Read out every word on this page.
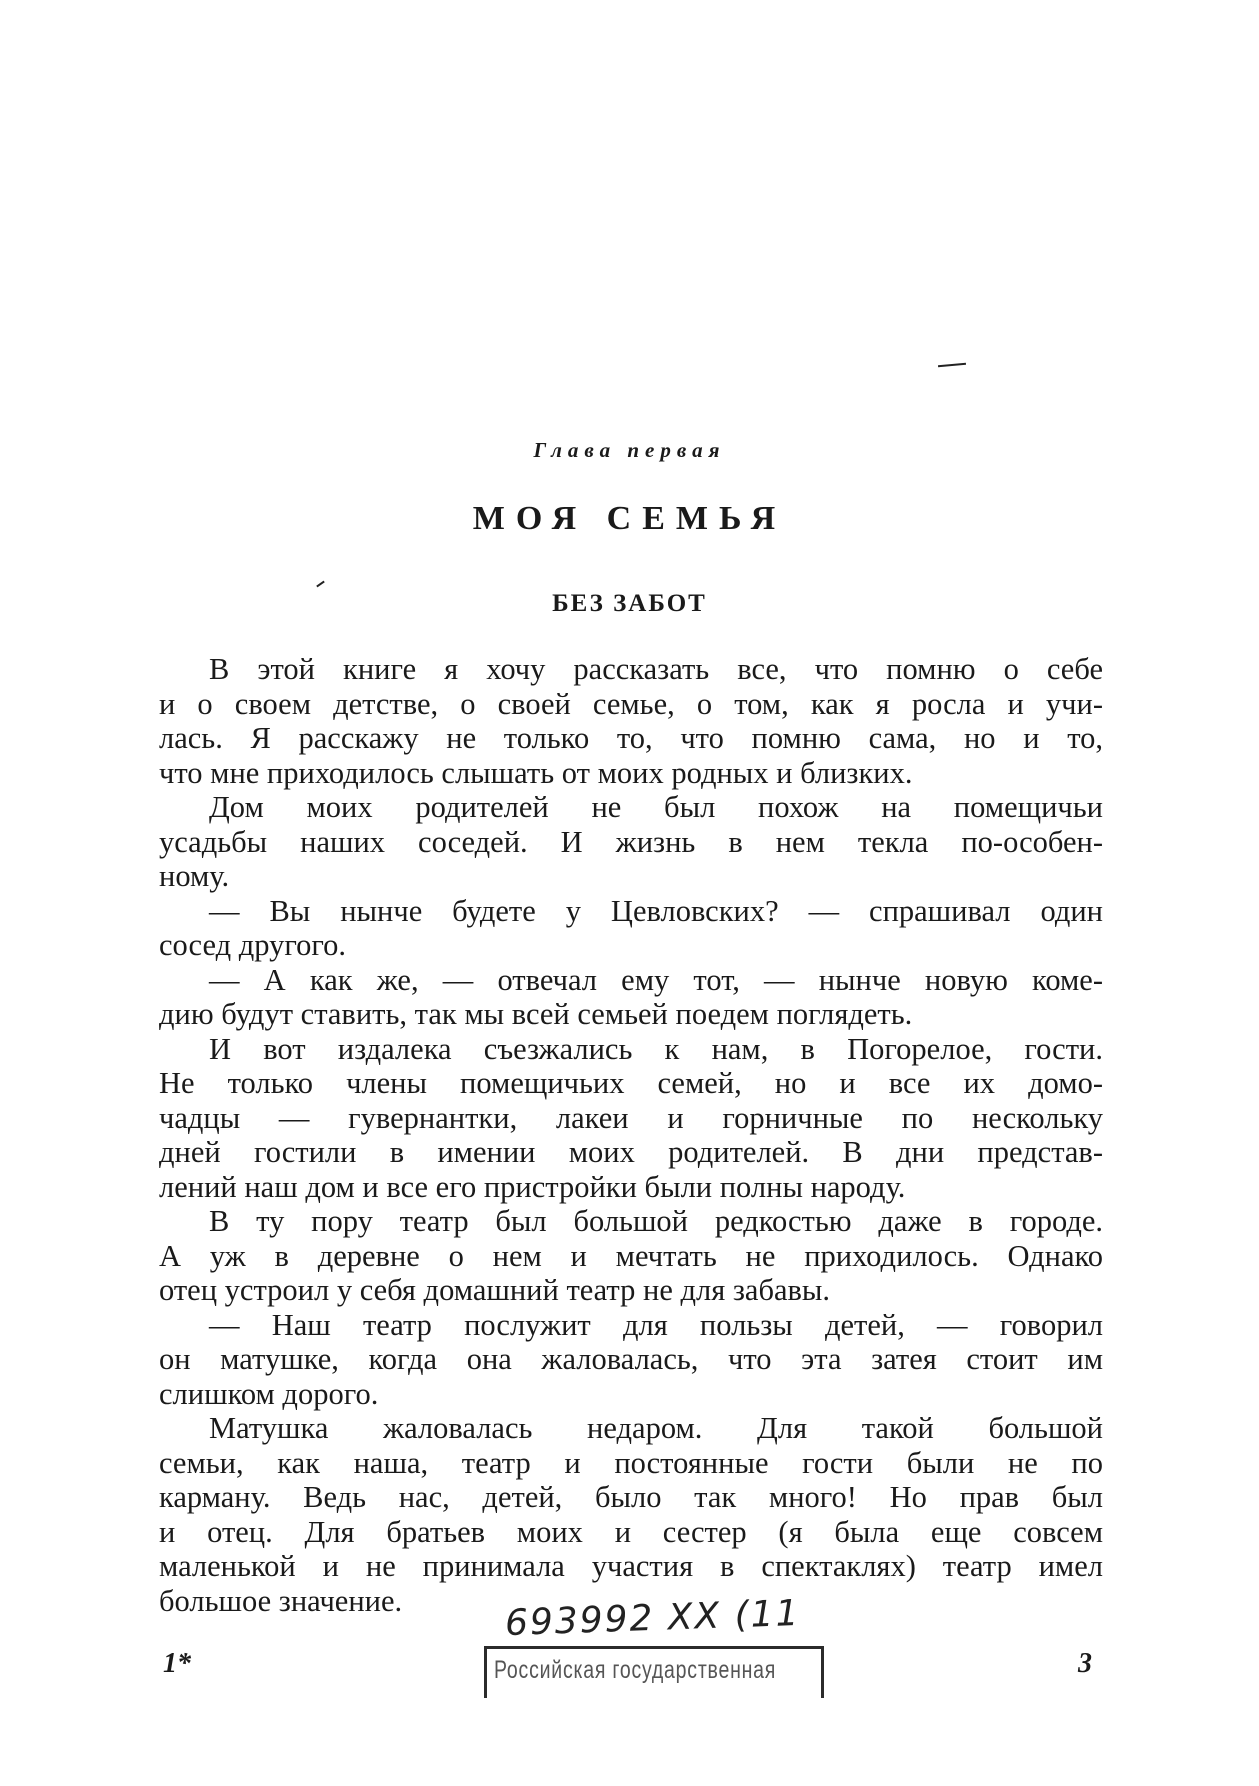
Глава первая
МОЯ СЕМЬЯ
БЕЗ ЗАБОТ
В этой книге я хочу рассказать все, что помню о себе
и о своем детстве, о своей семье, о том, как я росла и учи-
лась. Я расскажу не только то, что помню сама, но и то,
что мне приходилось слышать от моих родных и близких.
Дом моих родителей не был похож на помещичьи
усадьбы наших соседей. И жизнь в нем текла по-особен-
ному.
— Вы нынче будете у Цевловских? — спрашивал один
сосед другого.
— А как же, — отвечал ему тот, — нынче новую коме-
дию будут ставить, так мы всей семьей поедем поглядеть.
И вот издалека съезжались к нам, в Погорелое, гости.
Не только члены помещичьих семей, но и все их домо-
чадцы — гувернантки, лакеи и горничные по нескольку
дней гостили в имении моих родителей. В дни представ-
лений наш дом и все его пристройки были полны народу.
В ту пору театр был большой редкостью даже в городе.
А уж в деревне о нем и мечтать не приходилось. Однако
отец устроил у себя домашний театр не для забавы.
— Наш театр послужит для пользы детей, — говорил
он матушке, когда она жаловалась, что эта затея стоит им
слишком дорого.
Матушка жаловалась недаром. Для такой большой
семьи, как наша, театр и постоянные гости были не по
карману. Ведь нас, детей, было так много! Но прав был
и отец. Для братьев моих и сестер (я была еще совсем
маленькой и не принимала участия в спектаклях) театр имел
большое значение.	693992 XX (11
Российская государственная
1*	3
